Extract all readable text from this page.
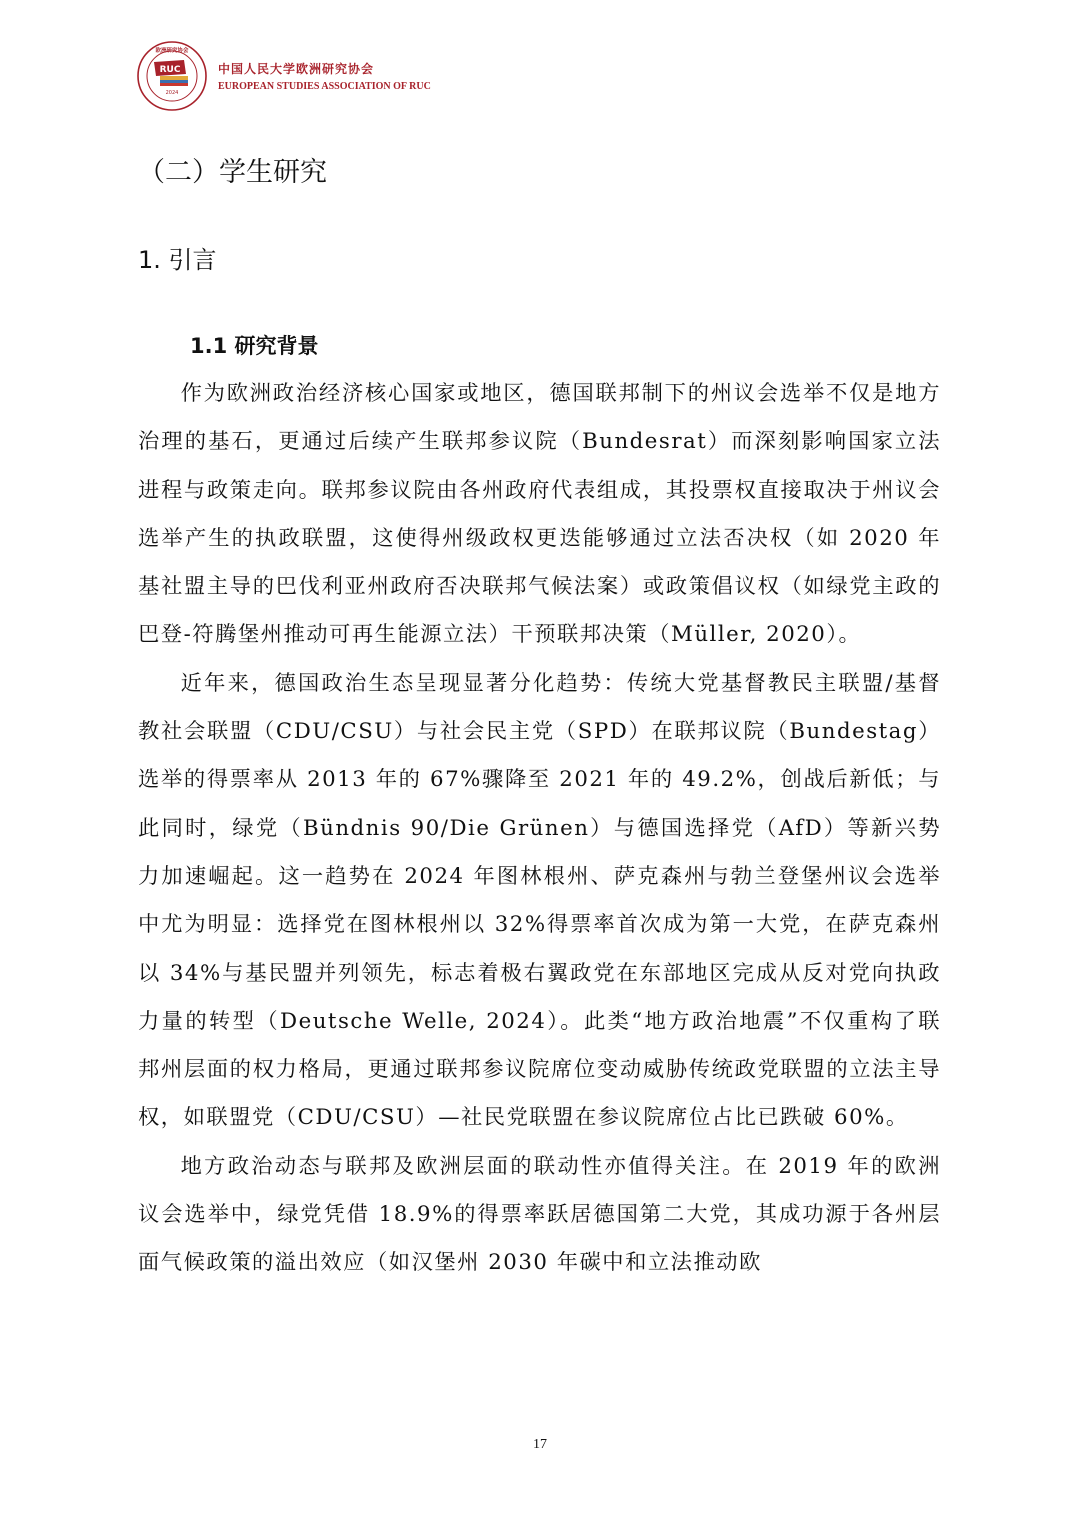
RUC
2024
欧洲研究协会
中国人民大学欧洲研究协会
EUROPEAN STUDIES ASSOCIATION OF RUC
（二）学生研究
1. 引言
1.1 研究背景

作为欧洲政治经济核心国家或地区，德国联邦制下的州议会选举不仅是地方治理的基石，更通过后续产生联邦参议院（Bundesrat）而深刻影响国家立法进程与政策走向。联邦参议院由各州政府代表组成，其投票权直接取决于州议会选举产生的执政联盟，这使得州级政权更迭能够通过立法否决权（如 2020 年基社盟主导的巴伐利亚州政府否决联邦气候法案）或政策倡议权（如绿党主政的巴登-符腾堡州推动可再生能源立法）干预联邦决策（Müller, 2020）。

近年来，德国政治生态呈现显著分化趋势：传统大党基督教民主联盟/基督教社会联盟（CDU/CSU）与社会民主党（SPD）在联邦议院（Bundestag）选举的得票率从 2013 年的 67%骤降至 2021 年的 49.2%，创战后新低；与此同时，绿党（Bündnis 90/Die Grünen）与德国选择党（AfD）等新兴势力加速崛起。这一趋势在 2024 年图林根州、萨克森州与勃兰登堡州议会选举中尤为明显：选择党在图林根州以 32%得票率首次成为第一大党，在萨克森州以 34%与基民盟并列领先，标志着极右翼政党在东部地区完成从反对党向执政力量的转型（Deutsche Welle, 2024）。此类“地方政治地震”不仅重构了联邦州层面的权力格局，更通过联邦参议院席位变动威胁传统政党联盟的立法主导权，如联盟党（CDU/CSU）—社民党联盟在参议院席位占比已跌破 60%。

地方政治动态与联邦及欧洲层面的联动性亦值得关注。在 2019 年的欧洲议会选举中，绿党凭借 18.9%的得票率跃居德国第二大党，其成功源于各州层面气候政策的溢出效应（如汉堡州 2030 年碳中和立法推动欧

17
